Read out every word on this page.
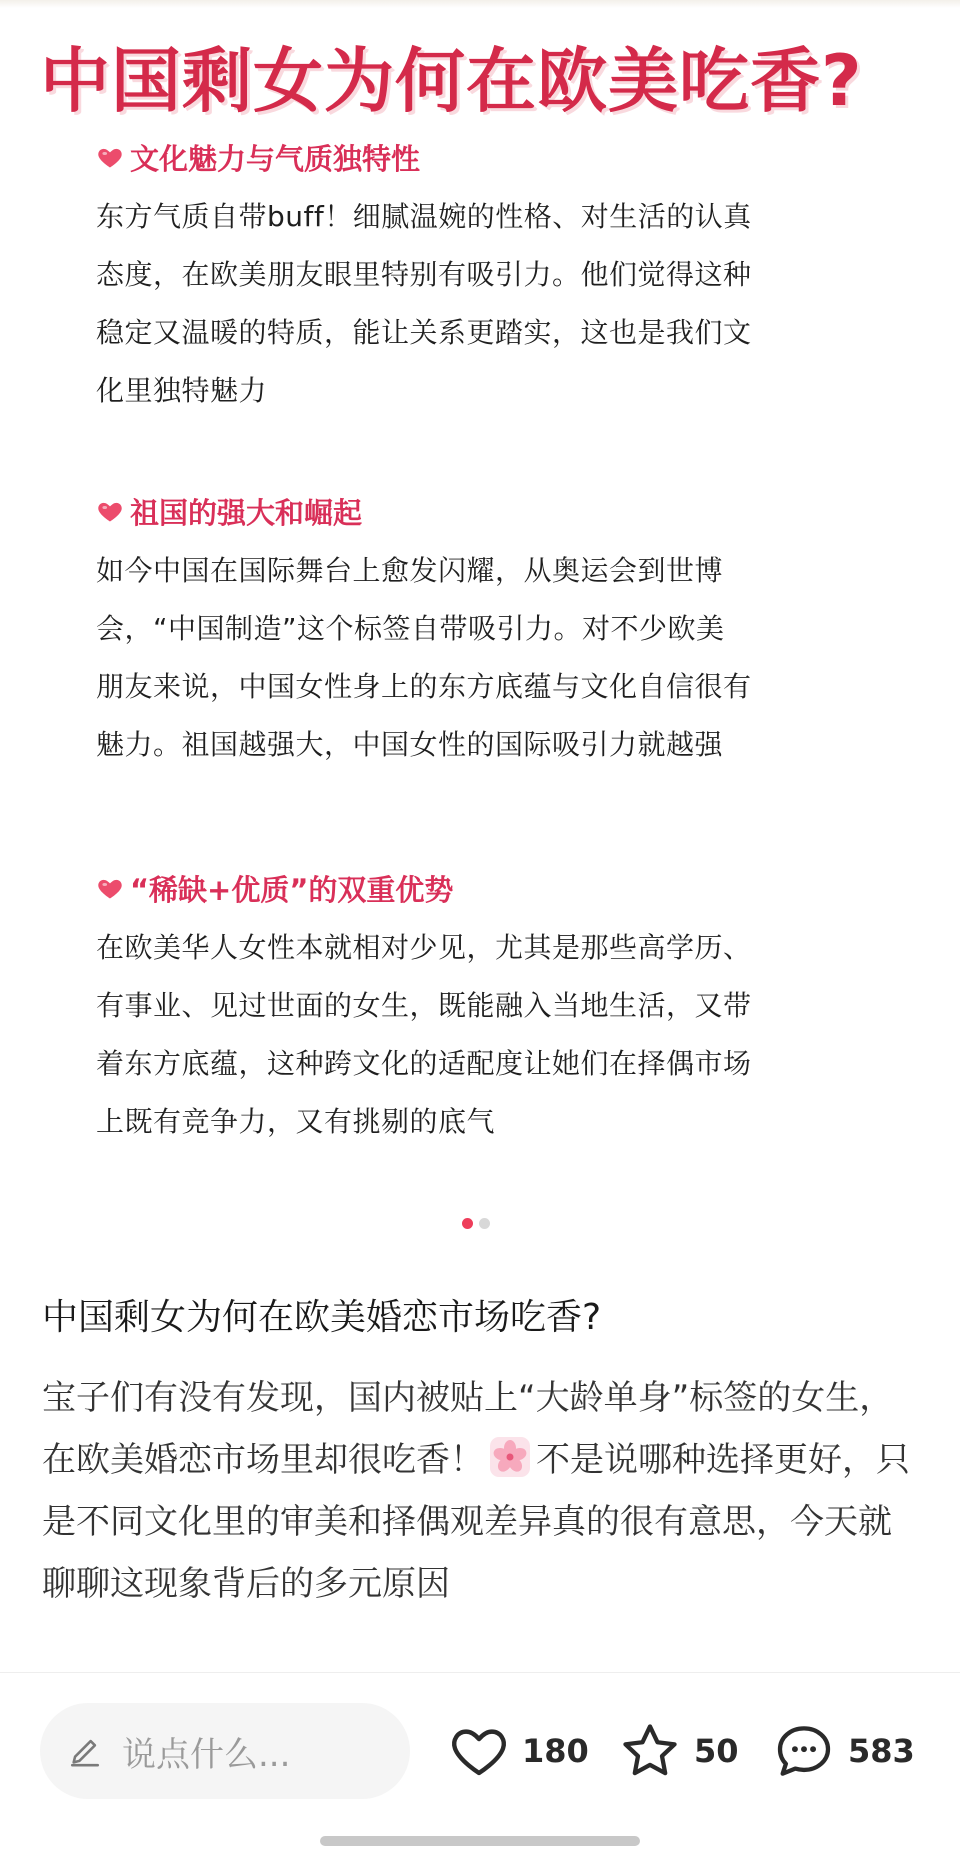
中国剩女为何在欧美吃香?
文化魅力与气质独特性
东方气质自带buff！细腻温婉的性格、对生活的认真
态度，在欧美朋友眼里特别有吸引力。他们觉得这种
稳定又温暖的特质，能让关系更踏实，这也是我们文
化里独特魅力
祖国的强大和崛起
如今中国在国际舞台上愈发闪耀，从奥运会到世博
会，“中国制造”这个标签自带吸引力。对不少欧美
朋友来说，中国女性身上的东方底蕴与文化自信很有
魅力。祖国越强大，中国女性的国际吸引力就越强
“稀缺+优质”的双重优势
在欧美华人女性本就相对少见，尤其是那些高学历、
有事业、见过世面的女生，既能融入当地生活，又带
着东方底蕴，这种跨文化的适配度让她们在择偶市场
上既有竞争力，又有挑剔的底气
中国剩女为何在欧美婚恋市场吃香?
宝子们有没有发现，国内被贴上“大龄单身”标签的女生，在欧美婚恋市场里却很吃香！ 不是说哪种选择更好，只是不同文化里的审美和择偶观差异真的很有意思，今天就聊聊这现象背后的多元原因
说点什么...	180	50	583
